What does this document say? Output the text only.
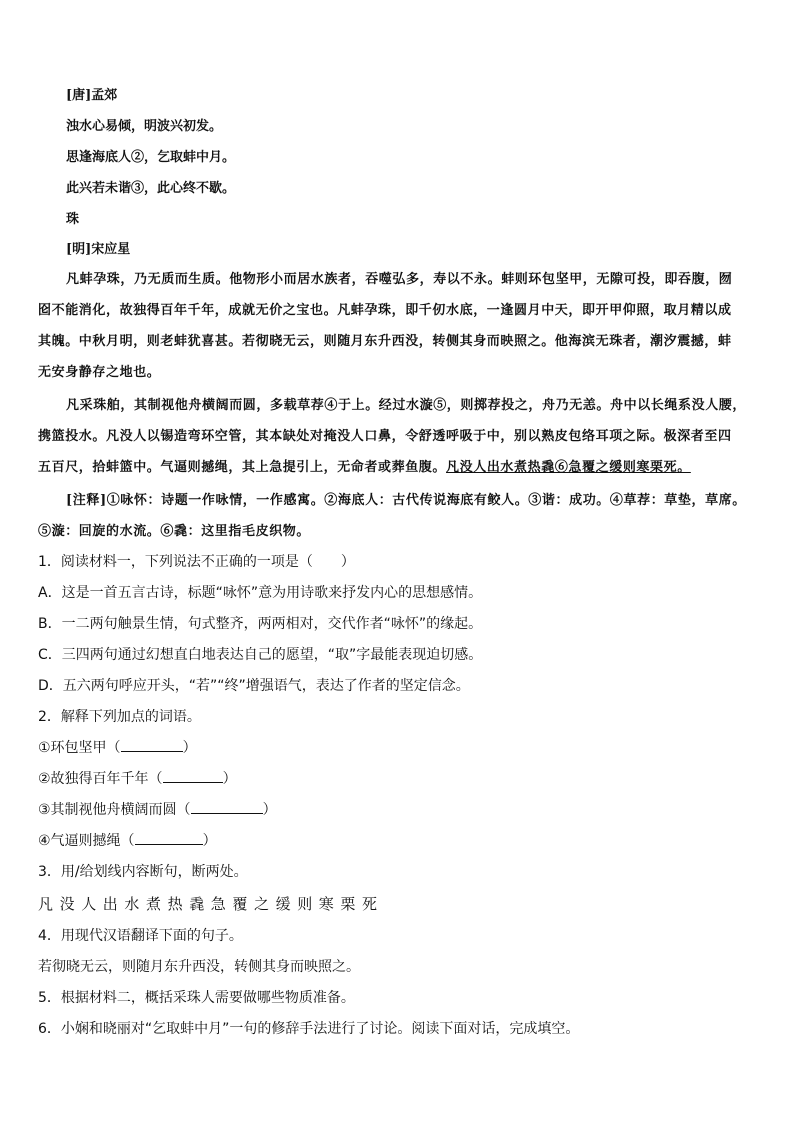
[唐]孟郊
浊水心易倾，明波兴初发。
思逢海底人②，乞取蚌中月。
此兴若未谐③，此心终不歇。
珠
[明]宋应星
凡蚌孕珠，乃无质而生质。他物形小而居水族者，吞噬弘多，寿以不永。蚌则环包坚甲，无隙可投，即吞腹，囫
囵不能消化，故独得百年千年，成就无价之宝也。凡蚌孕珠，即千仞水底，一逢圆月中天，即开甲仰照，取月精以成
其魄。中秋月明，则老蚌犹喜甚。若彻晓无云，则随月东升西没，转侧其身而映照之。他海滨无珠者，潮汐震撼，蚌
无安身静存之地也。
凡采珠舶，其制视他舟横阔而圆，多载草荐④于上。经过水漩⑤，则掷荐投之，舟乃无恙。舟中以长绳系没人腰，
携篮投水。凡没人以锡造弯环空管，其本缺处对掩没人口鼻，令舒透呼吸于中，别以熟皮包络耳项之际。极深者至四
五百尺，拾蚌篮中。气逼则撼绳，其上急提引上，无命者或葬鱼腹。凡没人出水煮热毳⑥急覆之缓则寒栗死。
[注释]①咏怀：诗题一作咏情，一作感寓。②海底人：古代传说海底有鲛人。③谐：成功。④草荐：草垫，草席。
⑤漩：回旋的水流。⑥毳：这里指毛皮织物。
1．阅读材料一，下列说法不正确的一项是（　　）
A．这是一首五言古诗，标题“咏怀”意为用诗歌来抒发内心的思想感情。
B．一二两句触景生情，句式整齐，两两相对，交代作者“咏怀”的缘起。
C．三四两句通过幻想直白地表达自己的愿望，“取”字最能表现迫切感。
D．五六两句呼应开头，“若”“终”增强语气，表达了作者的坚定信念。
2．解释下列加点的词语。
①环包坚甲（	）
②故独得百年千年（	）
③其制视他舟横阔而圆（	）
④气逼则撼绳（	）
3．用/给划线内容断句，断两处。
凡没人出水煮热毳急覆之缓则寒栗死
4．用现代汉语翻译下面的句子。
若彻晓无云，则随月东升西没，转侧其身而映照之。
5．根据材料二，概括采珠人需要做哪些物质准备。
6．小娴和晓丽对“乞取蚌中月”一句的修辞手法进行了讨论。阅读下面对话，完成填空。
